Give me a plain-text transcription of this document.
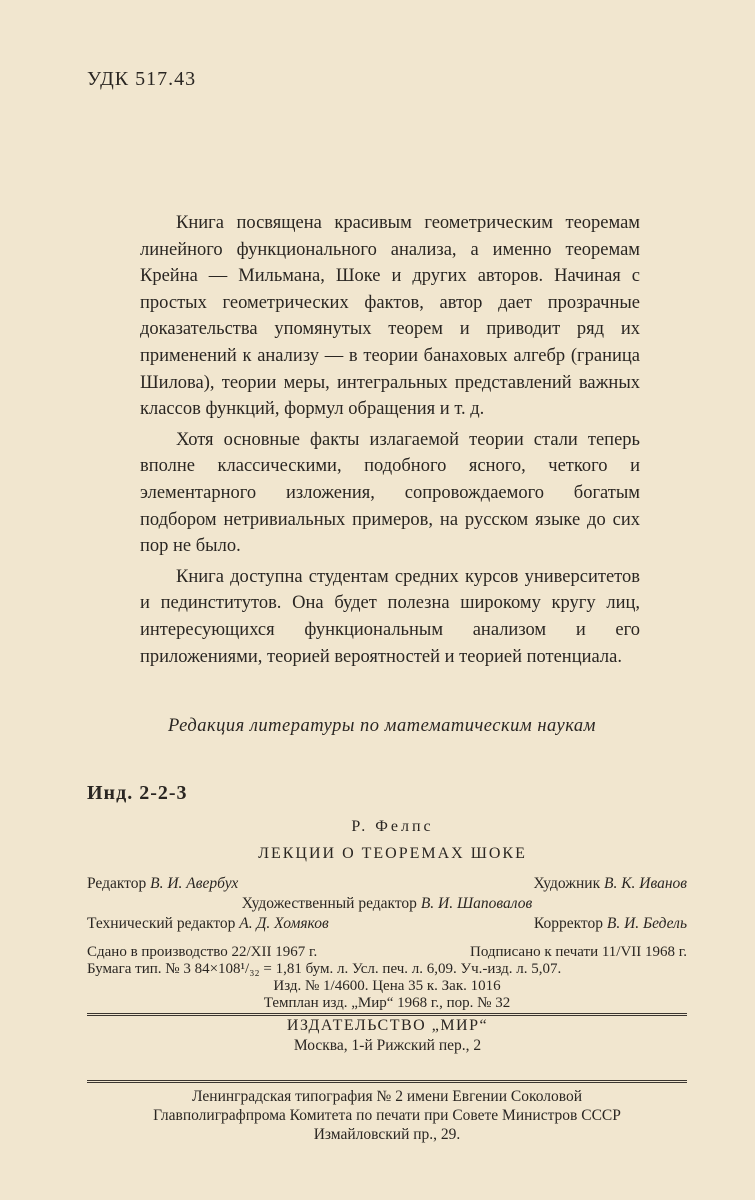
УДК 517.43

Книга посвящена красивым геометрическим теоремам линейного функционального анализа, а именно теоремам Крейна — Мильмана, Шоке и других авторов. Начиная с простых геометрических фактов, автор дает прозрачные доказательства упомянутых теорем и приводит ряд их применений к анализу — в теории банаховых алгебр (граница Шилова), теории меры, интегральных представлений важных классов функций, формул обращения и т. д.

Хотя основные факты излагаемой теории стали теперь вполне классическими, подобного ясного, четкого и элементарного изложения, сопровождаемого богатым подбором нетривиальных примеров, на русском языке до сих пор не было.

Книга доступна студентам средних курсов университетов и пединститутов. Она будет полезна широкому кругу лиц, интересующихся функциональным анализом и его приложениями, теорией вероятностей и теорией потенциала.

Редакция литературы по математическим наукам
Инд. 2-2-3
Р. Фелпс
ЛЕКЦИИ О ТЕОРЕМАХ ШОКЕ
Редактор В. И. Авербух	Художник В. К. Иванов
Художественный редактор В. И. Шаповалов
Технический редактор А. Д. Хомяков	Корректор В. И. Бедель
Сдано в производство 22/XII 1967 г.	Подписано к печати 11/VII 1968 г.
Бумага тип. № 3 84×108¹/₃₂ = 1,81 бум. л. Усл. печ. л. 6,09. Уч.-изд. л. 5,07.
Изд. № 1/4600. Цена 35 к. Зак. 1016
Темплан изд. „Мир“ 1968 г., пор. № 32
ИЗДАТЕЛЬСТВО „МИР“
Москва, 1-й Рижский пер., 2
Ленинградская типография № 2 имени Евгении Соколовой
Главполиграфпрома Комитета по печати при Совете Министров СССР
Измайловский пр., 29.
